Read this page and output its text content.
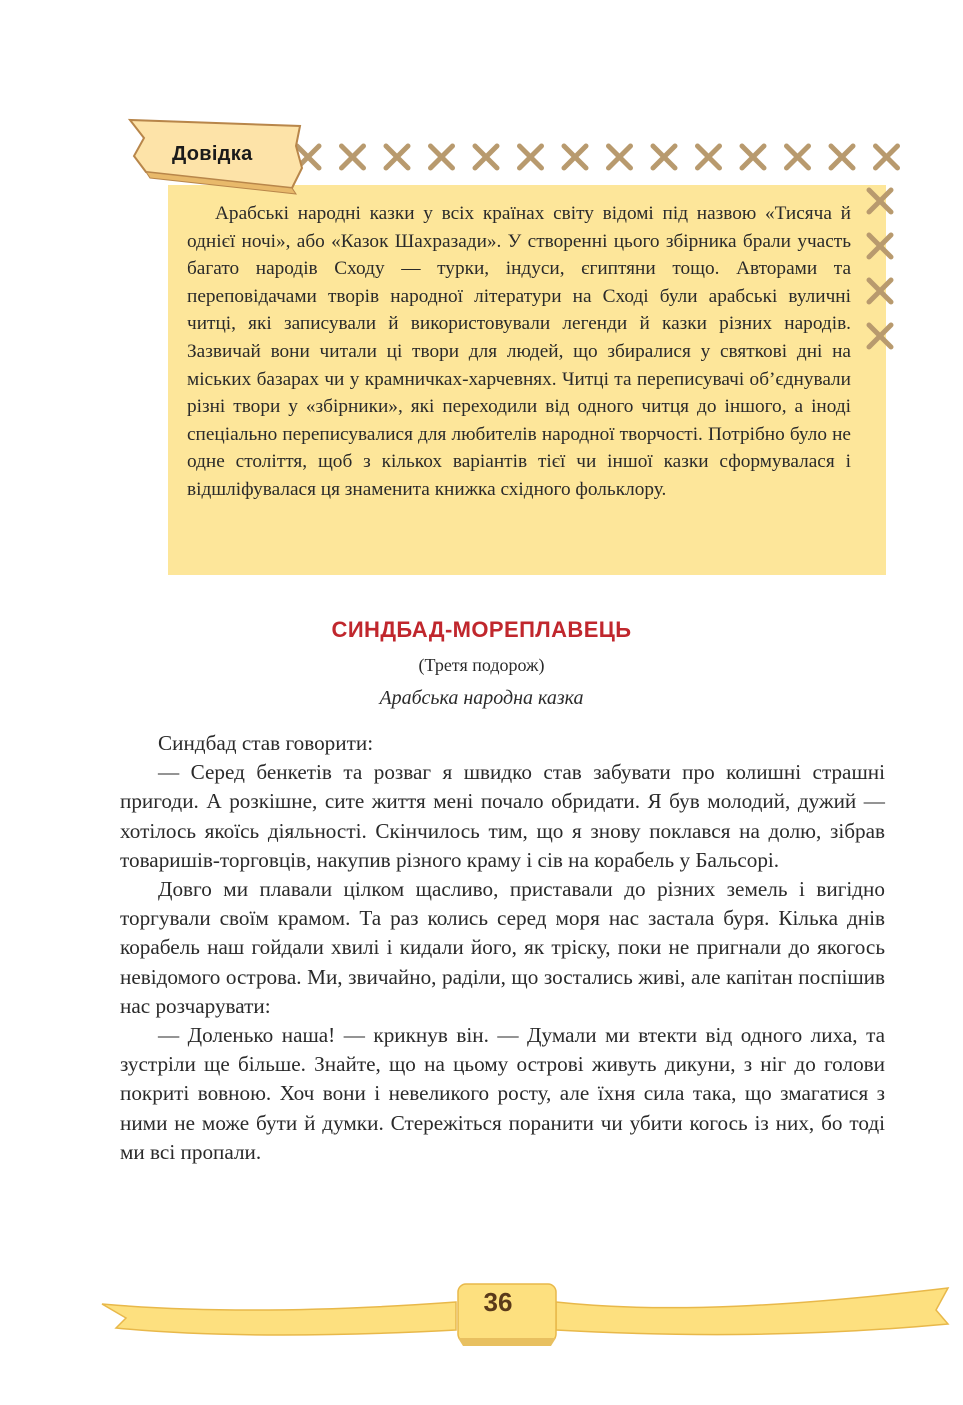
Довідка

Арабські народні казки у всіх країнах світу відомі під назвою «Тисяча й однієї ночі», або «Казок Шахразади». У створенні цього збірника брали участь багато народів Сходу — турки, індуси, єгиптяни тощо. Авторами та переповідачами творів народної літератури на Сході були арабські вуличні читці, які записували й використовували легенди й казки різних народів. Зазвичай вони читали ці твори для людей, що збиралися у святкові дні на міських базарах чи у крамничках-харчевнях. Читці та переписувачі об’єднували різні твори у «збірники», які переходили від одного читця до іншого, а іноді спеціально переписувалися для любителів народної творчості. Потрібно було не одне століття, щоб з кількох варіантів тієї чи іншої казки сформувалася і відшліфувалася ця знаменита книжка східного фольклору.

СИНДБАД-МОРЕПЛАВЕЦЬ
(Третя подорож)
Арабська народна казка

Синдбад став говорити:

— Серед бенкетів та розваг я швидко став забувати про колишні страшні пригоди. А розкішне, сите життя мені почало обридати. Я був молодий, дужий — хотілось якоїсь діяльності. Скінчилось тим, що я знову поклався на долю, зібрав товаришів-торговців, накупив різного краму і сів на корабель у Бальсорі.

Довго ми плавали цілком щасливо, приставали до різних земель і вигідно торгували своїм крамом. Та раз колись серед моря нас застала буря. Кілька днів корабель наш гойдали хвилі і кидали його, як тріску, поки не пригнали до якогось невідомого острова. Ми, звичайно, раділи, що зостались живі, але капітан поспішив нас розчарувати:

— Доленько наша! — крикнув він. — Думали ми втекти від одного лиха, та зустріли ще більше. Знайте, що на цьому острові живуть дикуни, з ніг до голови покриті вовною. Хоч вони і невеликого росту, але їхня сила така, що змагатися з ними не може бути й думки. Стережіться поранити чи убити когось із них, бо тоді ми всі пропали.

36
